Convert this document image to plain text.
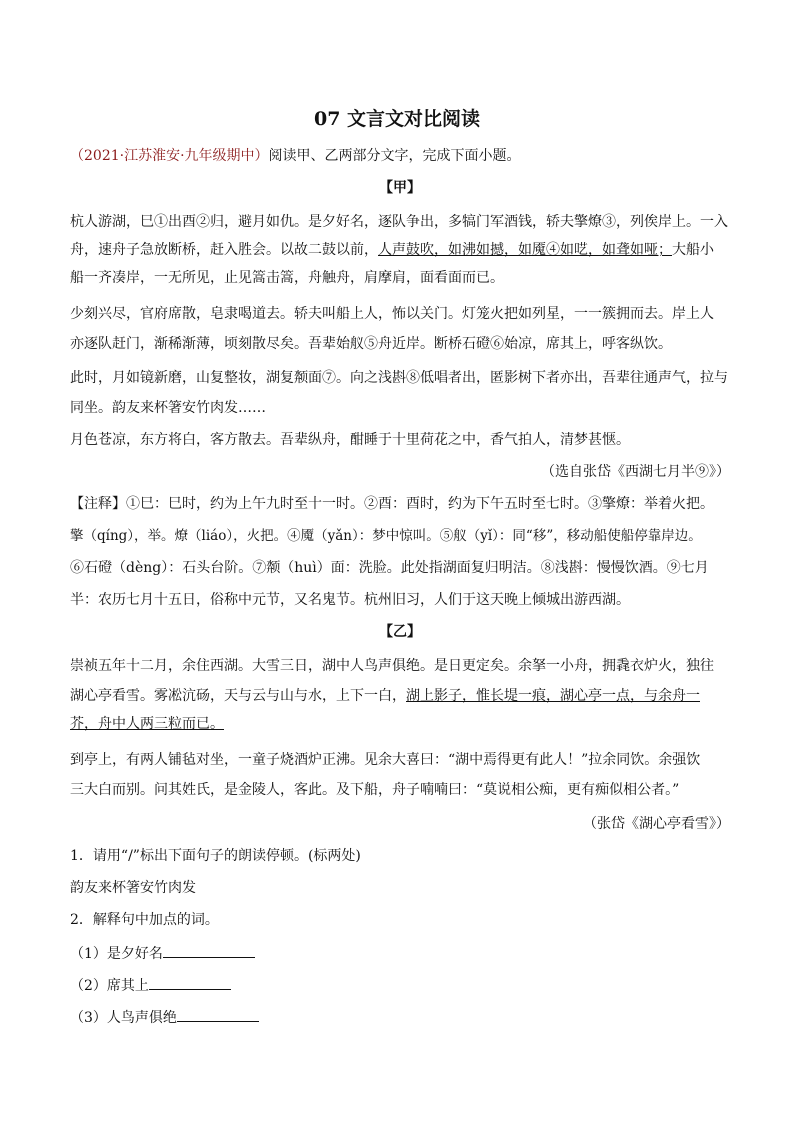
07 文言文对比阅读
（2021·江苏淮安·九年级期中）阅读甲、乙两部分文字，完成下面小题。
【甲】
杭人游湖，巳①出酉②归，避月如仇。是夕好名，逐队争出，多犒门军酒钱，轿夫擎燎③，列俟岸上。一入
舟，速舟子急放断桥，赶入胜会。以故二鼓以前，人声鼓吹，如沸如撼，如魇④如呓，如聋如哑；大船小
船一齐凑岸，一无所见，止见篙击篙，舟触舟，肩摩肩，面看面而已。
少刻兴尽，官府席散，皂隶喝道去。轿夫叫船上人，怖以关门。灯笼火把如列星，一一簇拥而去。岸上人
亦逐队赶门，渐稀渐薄，顷刻散尽矣。吾辈始舣⑤舟近岸。断桥石磴⑥始凉，席其上，呼客纵饮。
此时，月如镜新磨，山复整妆，湖复颒面⑦。向之浅斟⑧低唱者出，匿影树下者亦出，吾辈往通声气，拉与
同坐。韵友来杯箸安竹肉发……
月色苍凉，东方将白，客方散去。吾辈纵舟，酣睡于十里荷花之中，香气拍人，清梦甚惬。
（选自张岱《西湖七月半⑨》）
【注释】①巳：巳时，约为上午九时至十一时。②酉：酉时，约为下午五时至七时。③擎燎：举着火把。
擎（qíng），举。燎（liáo），火把。④魇（yǎn）：梦中惊叫。⑤舣（yǐ）：同“移”，移动船使船停靠岸边。
⑥石磴（dèng）：石头台阶。⑦颒（huì）面：洗脸。此处指湖面复归明洁。⑧浅斟：慢慢饮酒。⑨七月
半：农历七月十五日，俗称中元节，又名鬼节。杭州旧习，人们于这天晚上倾城出游西湖。
【乙】
崇祯五年十二月，余住西湖。大雪三日，湖中人鸟声俱绝。是日更定矣。余拏一小舟，拥毳衣炉火，独往
湖心亭看雪。雾凇沆砀，天与云与山与水，上下一白，湖上影子，惟长堤一痕，湖心亭一点，与余舟一
芥，舟中人两三粒而已。
到亭上，有两人铺毡对坐，一童子烧酒炉正沸。见余大喜曰：“湖中焉得更有此人！”拉余同饮。余强饮
三大白而别。问其姓氏，是金陵人，客此。及下船，舟子喃喃曰：“莫说相公痴，更有痴似相公者。”
（张岱《湖心亭看雪》）
1．请用“/”标出下面句子的朗读停顿。(标两处)
韵友来杯箸安竹肉发
2．解释句中加点的词。
（1）是夕好名
（2）席其上
（3）人鸟声俱绝
